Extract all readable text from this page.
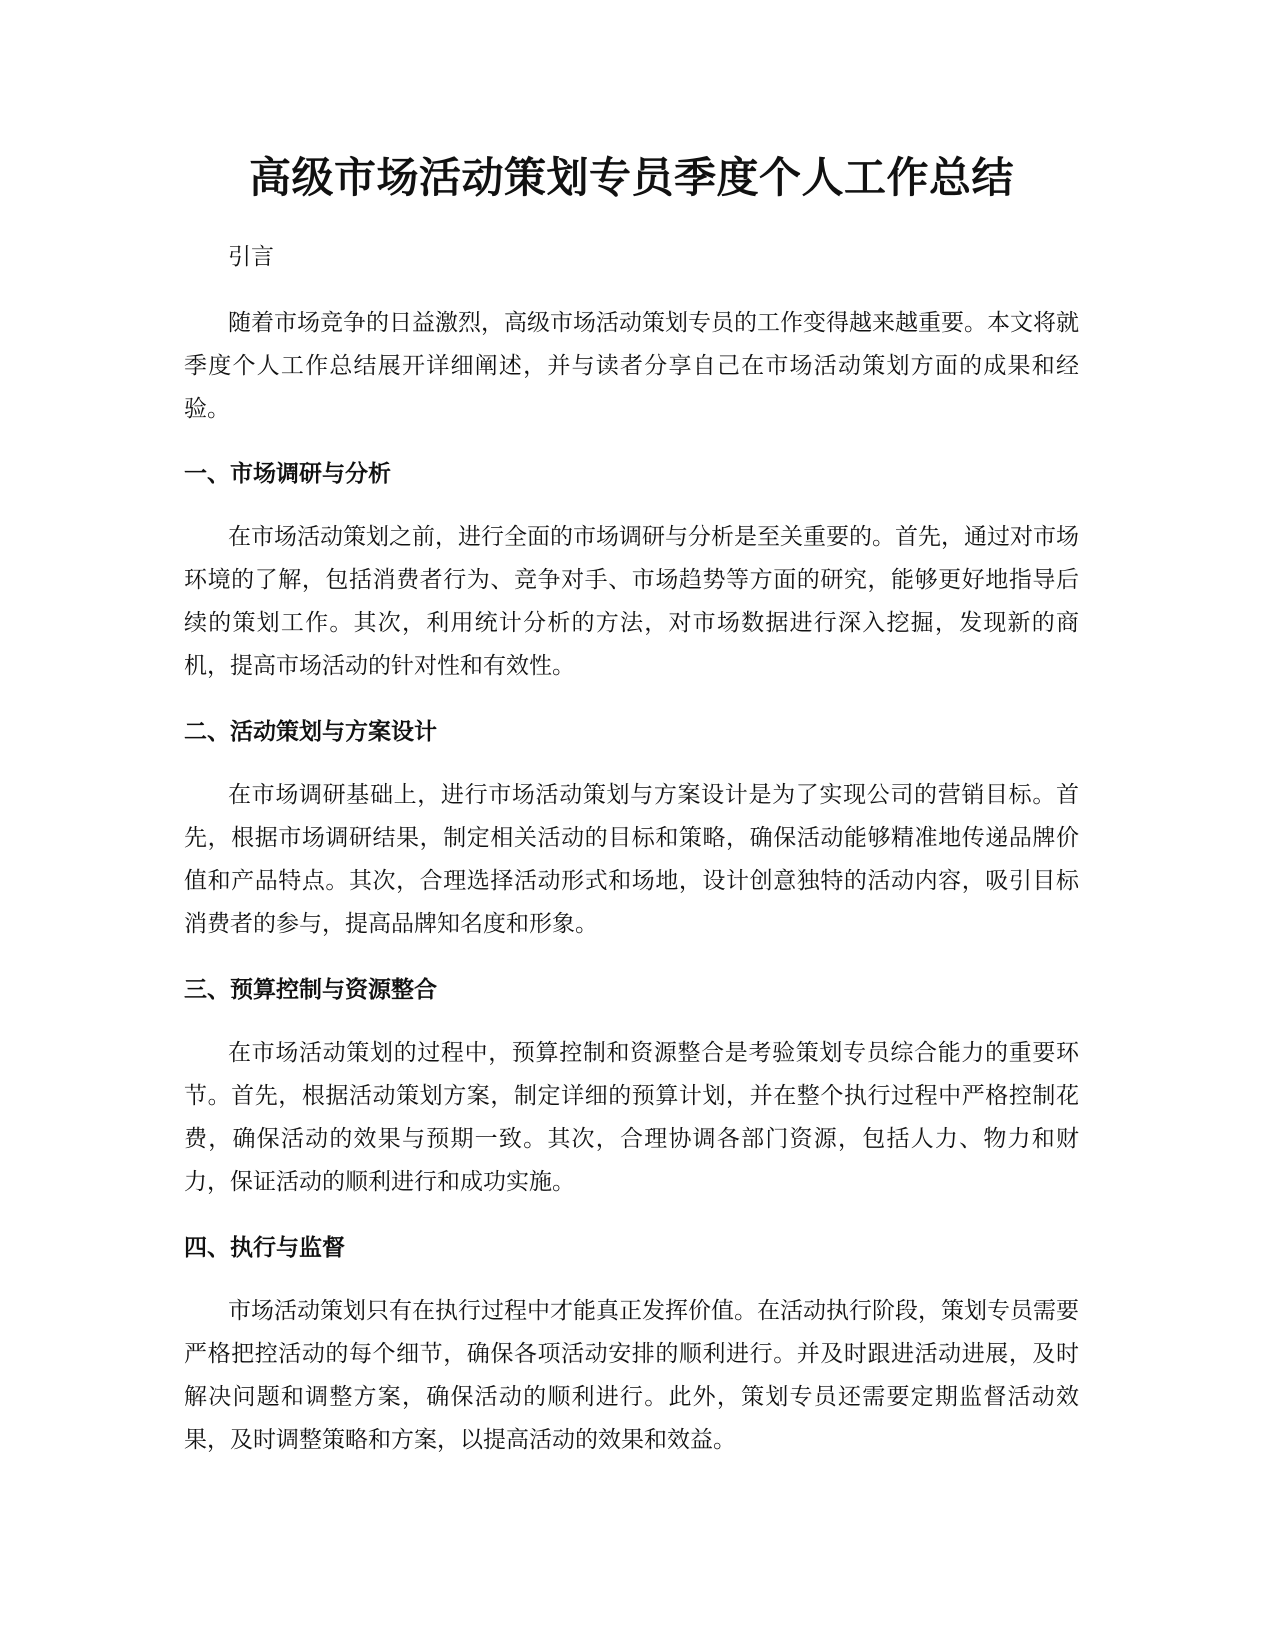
高级市场活动策划专员季度个人工作总结

引言

随着市场竞争的日益激烈，高级市场活动策划专员的工作变得越来越重要。本文将就季度个人工作总结展开详细阐述，并与读者分享自己在市场活动策划方面的成果和经验。

一、市场调研与分析

在市场活动策划之前，进行全面的市场调研与分析是至关重要的。首先，通过对市场环境的了解，包括消费者行为、竞争对手、市场趋势等方面的研究，能够更好地指导后续的策划工作。其次，利用统计分析的方法，对市场数据进行深入挖掘，发现新的商机，提高市场活动的针对性和有效性。

二、活动策划与方案设计

在市场调研基础上，进行市场活动策划与方案设计是为了实现公司的营销目标。首先，根据市场调研结果，制定相关活动的目标和策略，确保活动能够精准地传递品牌价值和产品特点。其次，合理选择活动形式和场地，设计创意独特的活动内容，吸引目标消费者的参与，提高品牌知名度和形象。

三、预算控制与资源整合

在市场活动策划的过程中，预算控制和资源整合是考验策划专员综合能力的重要环节。首先，根据活动策划方案，制定详细的预算计划，并在整个执行过程中严格控制花费，确保活动的效果与预期一致。其次，合理协调各部门资源，包括人力、物力和财力，保证活动的顺利进行和成功实施。

四、执行与监督

市场活动策划只有在执行过程中才能真正发挥价值。在活动执行阶段，策划专员需要严格把控活动的每个细节，确保各项活动安排的顺利进行。并及时跟进活动进展，及时解决问题和调整方案，确保活动的顺利进行。此外，策划专员还需要定期监督活动效果，及时调整策略和方案，以提高活动的效果和效益。
